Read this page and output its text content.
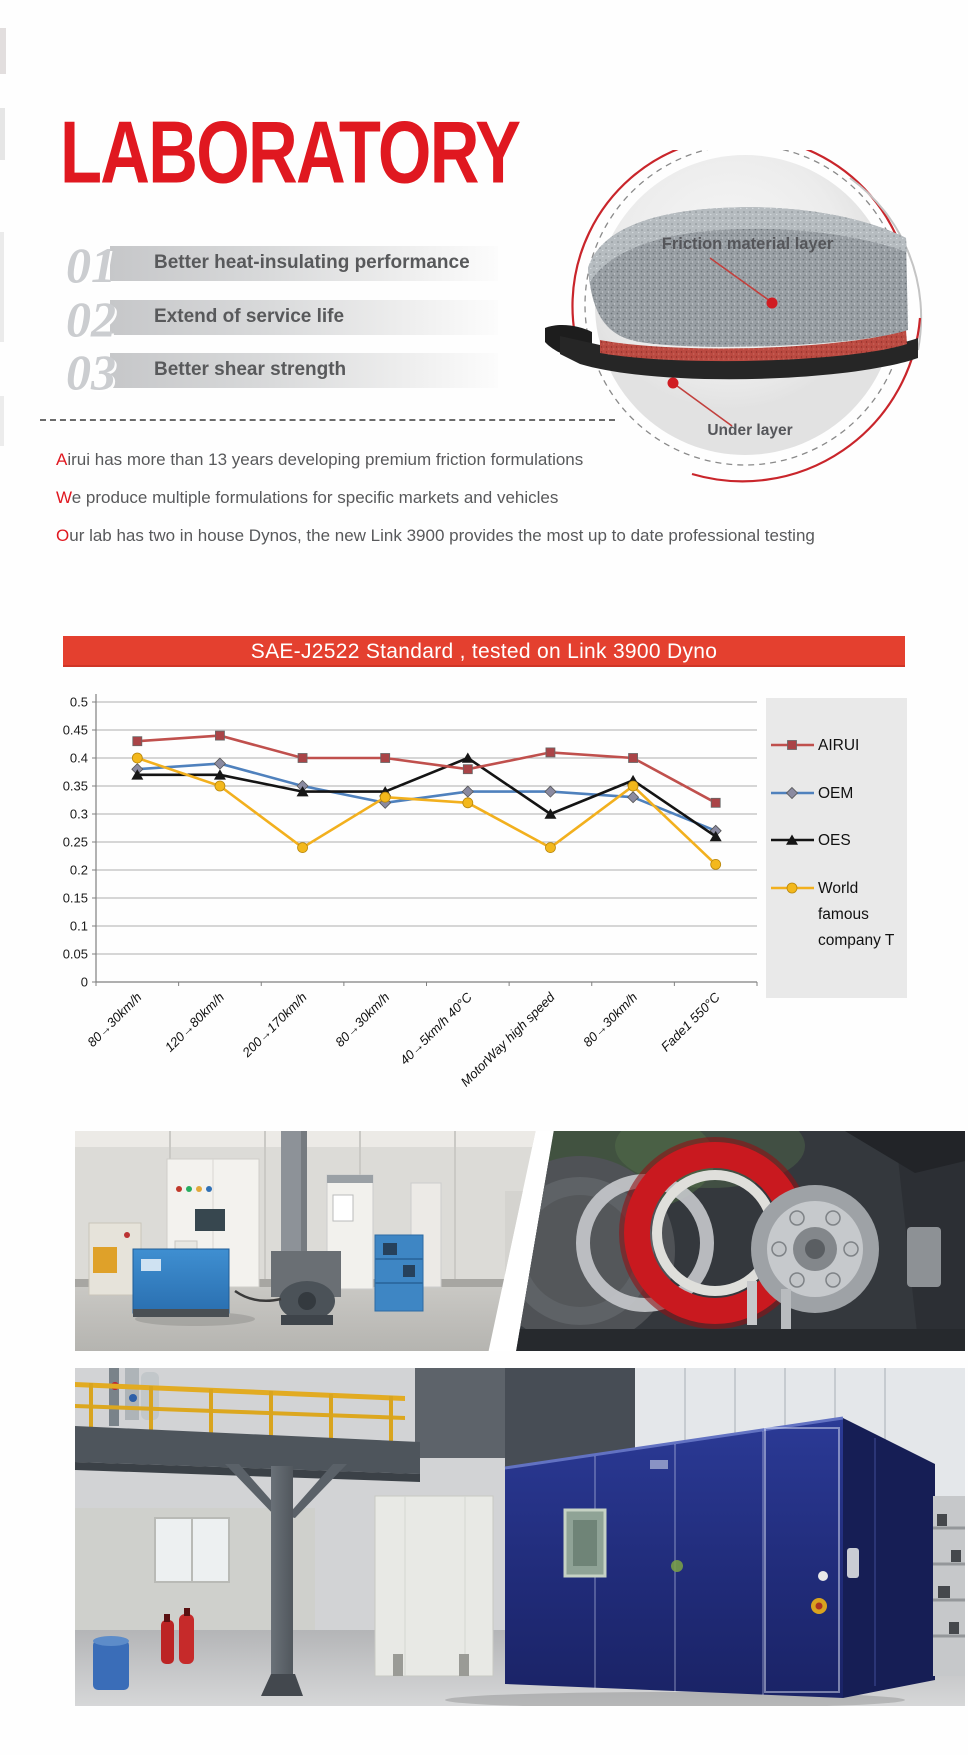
LABORATORY
01 Better heat-insulating performance
02 Extend of service life
03 Better shear strength
Friction material layer
Under layer

Airui has more than 13 years developing premium friction formulations

We produce multiple formulations for specific markets and vehicles

Our lab has two in house Dynos, the new Link 3900 provides the most up to date professional testing

SAE-J2522 Standard , tested on Link 3900 Dyno
0
0.05
0.1
0.15
0.2
0.25
0.3
0.35
0.4
0.45
0.5
80→30km/h 120→80km/h 200→170km/h 80→30km/h 40→5km/h 40°C
MotorWay high speed 80→30km/h Fade1 550°C
AIRUI
OEM
OES
World
famous
company T
